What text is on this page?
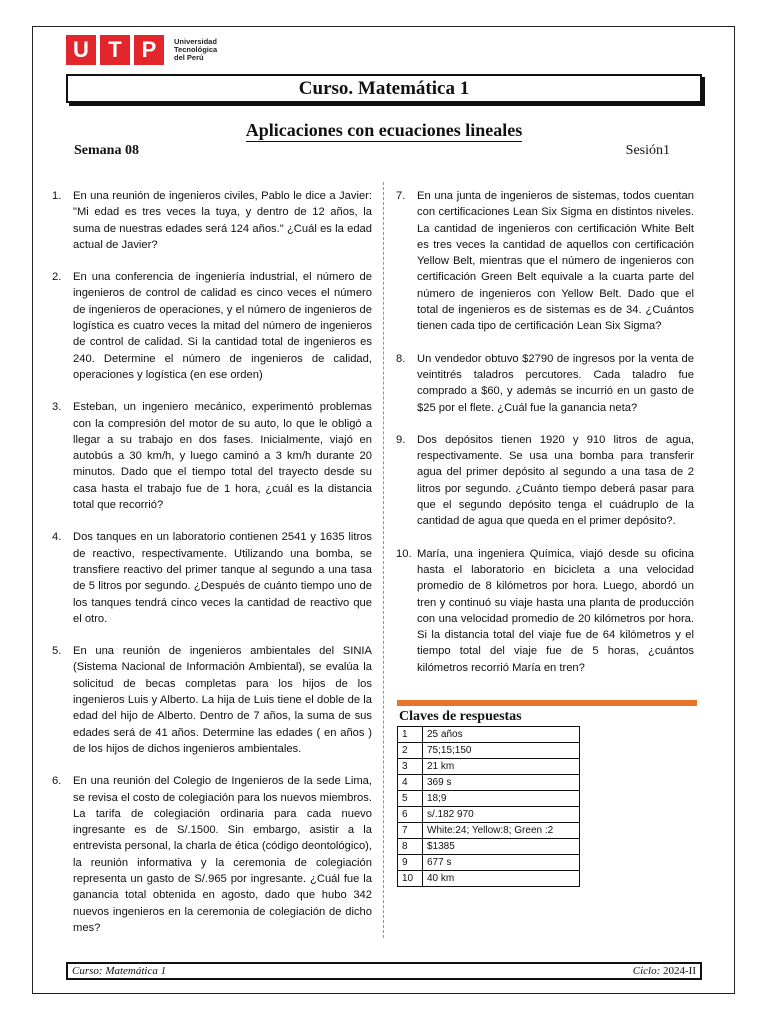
U T P	Universidad
Tecnológica
del Perú
Curso. Matemática 1
Aplicaciones con ecuaciones lineales
Semana 08	Sesión1
1.	En una reunión de ingenieros civiles, Pablo le dice a Javier: "Mi edad es tres veces la tuya, y dentro de 12 años, la suma de nuestras edades será 124 años." ¿Cuál es la edad actual de Javier?
2.	En una conferencia de ingeniería industrial, el número de ingenieros de control de calidad es cinco veces el número de ingenieros de operaciones, y el número de ingenieros de logística es cuatro veces la mitad del número de ingenieros de control de calidad. Si la cantidad total de ingenieros es 240. Determine el número de ingenieros de calidad, operaciones y logística (en ese orden)
3.	Esteban, un ingeniero mecánico, experimentó problemas con la compresión del motor de su auto, lo que le obligó a llegar a su trabajo en dos fases. Inicialmente, viajó en autobús a 30 km/h, y luego caminó a 3 km/h durante 20 minutos. Dado que el tiempo total del trayecto desde su casa hasta el trabajo fue de 1 hora, ¿cuál es la distancia total que recorrió?
4.	Dos tanques en un laboratorio contienen 2541 y 1635 litros de reactivo, respectivamente. Utilizando una bomba, se transfiere reactivo del primer tanque al segundo a una tasa de 5 litros por segundo. ¿Después de cuánto tiempo uno de los tanques tendrá cinco veces la cantidad de reactivo que el otro.
5.	En una reunión de ingenieros ambientales del SINIA (Sistema Nacional de Información Ambiental), se evalúa la solicitud de becas completas para los hijos de los ingenieros Luis y Alberto. La hija de Luis tiene el doble de la edad del hijo de Alberto. Dentro de 7 años, la suma de sus edades será de 41 años. Determine las edades ( en años ) de los hijos de dichos ingenieros ambientales.
6.	En una reunión del Colegio de Ingenieros de la sede Lima, se revisa el costo de colegiación para los nuevos miembros. La tarifa de colegiación ordinaria para cada nuevo ingresante es de S/.1500. Sin embargo, asistir a la entrevista personal, la charla de ética (código deontológico), la reunión informativa y la ceremonia de colegiación representa un gasto de S/.965 por ingresante. ¿Cuál fue la ganancia total obtenida en agosto, dado que hubo 342 nuevos ingenieros en la ceremonia de colegiación de dicho mes?
7.	En una junta de ingenieros de sistemas, todos cuentan con certificaciones Lean Six Sigma en distintos niveles. La cantidad de ingenieros con certificación White Belt es tres veces la cantidad de aquellos con certificación Yellow Belt, mientras que el número de ingenieros con certificación Green Belt equivale a la cuarta parte del número de ingenieros con Yellow Belt. Dado que el total de ingenieros es de sistemas es de 34. ¿Cuántos tienen cada tipo de certificación Lean Six Sigma?
8.	Un vendedor obtuvo $2790 de ingresos por la venta de veintitrés taladros percutores. Cada taladro fue comprado a $60, y además se incurrió en un gasto de $25 por el flete. ¿Cuál fue la ganancia neta?
9.	Dos depósitos tienen 1920 y 910 litros de agua, respectivamente. Se usa una bomba para transferir agua del primer depósito al segundo a una tasa de 2 litros por segundo. ¿Cuánto tiempo deberá pasar para que el segundo depósito tenga el cuádruplo de la cantidad de agua que queda en el primer depósito?.
10. María, una ingeniera Química, viajó desde su oficina hasta el laboratorio en bicicleta a una velocidad promedio de 8 kilómetros por hora. Luego, abordó un tren y continuó su viaje hasta una planta de producción con una velocidad promedio de 20 kilómetros por hora. Si la distancia total del viaje fue de 64 kilómetros y el tiempo total del viaje fue de 5 horas, ¿cuántos kilómetros recorrió María en tren?
Claves de respuestas
1	25 años
2	75;15;150
3	21 km
4	369 s
5	18;9
6	s/.182 970
7	White:24; Yellow:8; Green :2
8	$1385
9	677 s
10	40 km
Curso: Matemática 1	Ciclo: 2024-II
